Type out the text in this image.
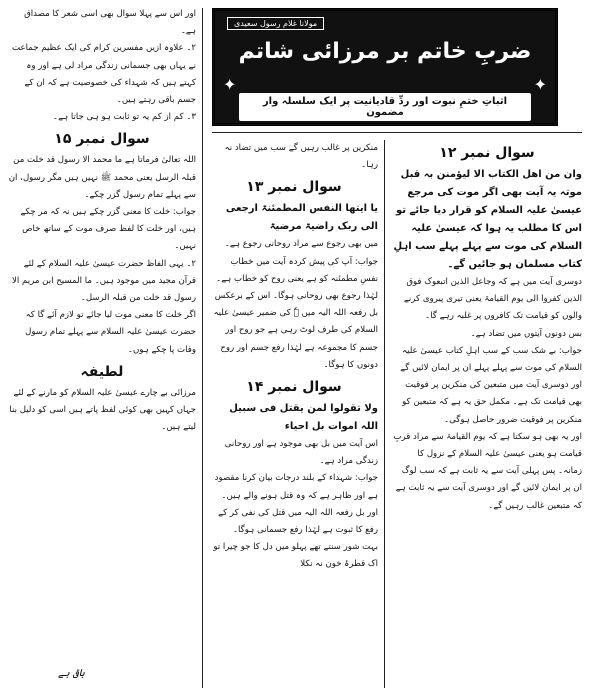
مولانا غلام رسول سعیدی
✦	✦
ضربِ خاتم بر مرزائی شاتم
اثباتِ ختمِ نبوت اور ردِّ قادیانیت پر ایک سلسلہ وار مضمون
سوال نمبر ۱۲

وان من اھل الکتاب الا لیؤمنن بہ قبل موتہ یہ آیت بھی اگر موت کی مرجع عیسیٰ علیہ السلام کو قرار دیا جائے تو اس کا مطلب یہ ہوا کہ عیسیٰ علیہ السلام کی موت سے پہلے پہلے سب اہلِ کتاب مسلمان ہو جائیں گے۔

دوسری آیت میں ہے کہ وجاعل الذین اتبعوک فوق الذین کفروا الی یوم القیامۃ یعنی تیری پیروی کرنے والوں کو قیامت تک کافروں پر غلبہ رہے گا۔

بس دونوں آیتوں میں تضاد ہے۔

جواب: بے شک سب کے سب اہلِ کتاب عیسیٰ علیہ السلام کی موت سے پہلے پہلے ان پر ایمان لائیں گے اور دوسری آیت میں متبعین کی منکرین پر فوقیت بھی قیامت تک ہے۔ مکمل حق یہ ہے کہ متبعین کو منکرین پر فوقیت ضرور حاصل ہوگی۔

اور یہ بھی ہو سکتا ہے کہ یوم القیامۃ سے مراد قربِ قیامت ہو یعنی عیسیٰ علیہ السلام کے نزول کا زمانہ۔ پس پہلی آیت سے یہ ثابت ہے کہ سب لوگ ان پر ایمان لائیں گے اور دوسری آیت سے یہ ثابت ہے کہ متبعین غالب رہیں گے۔

منکرین پر غالب رہیں گے سب میں تضاد نہ رہا۔

سوال نمبر ۱۳

یا ایتھا النفس المطمئنۃ ارجعی الی ربک راضیۃ مرضیۃ

میں بھی رجوع سے مراد روحانی رجوع ہے۔

جواب: آپ کی پیش کردہ آیت میں خطاب نفسِ مطمئنہ کو ہے یعنی روح کو خطاب ہے۔ لہٰذا رجوع بھی روحانی ہوگا۔ اس کے برعکس بل رفعہ اللہ الیہ میں ہٗ کی ضمیر عیسیٰ علیہ السلام کی طرف لوٹ رہی ہے جو روح اور جسم کا مجموعہ ہے لہٰذا رفع جسم اور روح دونوں کا ہوگا۔

سوال نمبر ۱۴

ولا تقولوا لمن یقتل فی سبیل اللہ اموات بل احیاء

اس آیت میں بل بھی موجود ہے اور روحانی زندگی مراد ہے۔

جواب: شہداء کے بلند درجات بیان کرنا مقصود ہے اور ظاہر ہے کہ وہ قتل ہونے والے ہیں۔ اور بل رفعہ اللہ الیہ میں قتل کی نفی کر کے رفع کا ثبوت ہے لہٰذا رفع جسمانی ہوگا۔

بہت شور سنتے تھے پہلو میں دل کا جو چیرا تو اک قطرۂ خون نہ نکلا

اور اس سے پہلا سوال بھی اسی شعر کا مصداق ہے۔

۲۔ علاوہ ازیں مفسرین کرام کی ایک عظیم جماعت نے یہاں بھی جسمانی زندگی مراد لی ہے اور وہ کہتے ہیں کہ شہداء کی خصوصیت ہے کہ ان کے جسم باقی رہتے ہیں۔

۳۔ کم از کم یہ تو ثابت ہو ہی جاتا ہے۔

سوال نمبر ۱۵

اللہ تعالیٰ فرماتا ہے ما محمد الا رسول قد خلت من قبلہ الرسل یعنی محمد ﷺ نہیں ہیں مگر رسول، ان سے پہلے تمام رسول گزر چکے۔

جواب: خلت کا معنی گزر چکے ہیں نہ کہ مر چکے ہیں، اور خلت کا لفظ صرف موت کے ساتھ خاص نہیں۔

۲۔ یہی الفاظ حضرت عیسیٰ علیہ السلام کے لئے قرآن مجید میں موجود ہیں۔ ما المسیح ابن مریم الا رسول قد خلت من قبلہ الرسل۔

اگر خلت کا معنی موت لیا جائے تو لازم آئے گا کہ حضرت عیسیٰ علیہ السلام سے پہلے تمام رسول وفات پا چکے ہوں۔

لطیفہ

مرزائی بے چارے عیسیٰ علیہ السلام کو مارنے کے لئے جہاں کہیں بھی کوئی لفظ پاتے ہیں اسی کو دلیل بنا لیتے ہیں۔

باقی ہے
